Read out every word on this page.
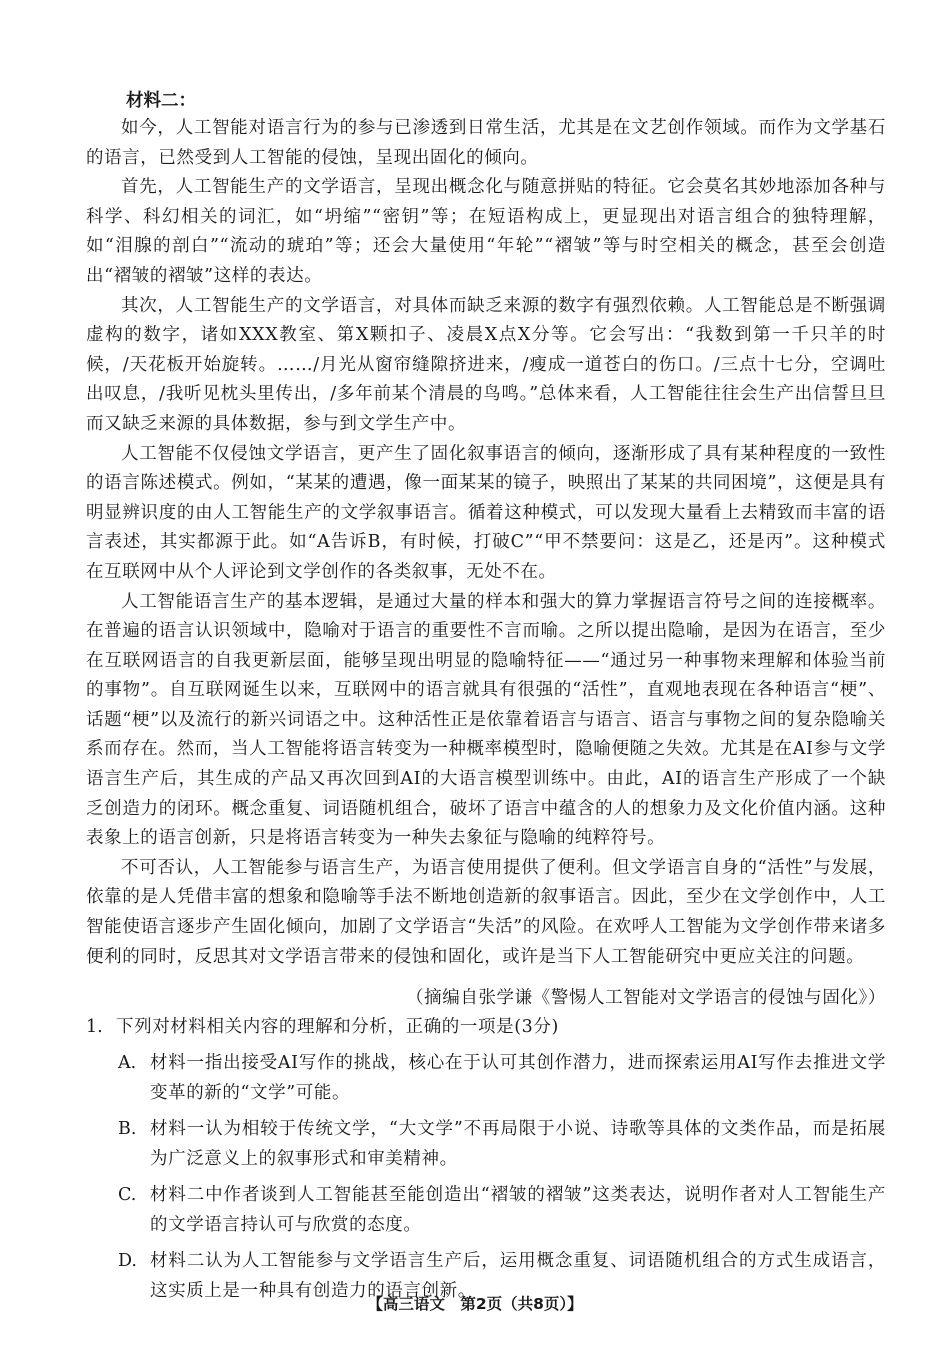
材料二：

如今，人工智能对语言行为的参与已渗透到日常生活，尤其是在文艺创作领域。而作为文学基石的语言，已然受到人工智能的侵蚀，呈现出固化的倾向。

首先，人工智能生产的文学语言，呈现出概念化与随意拼贴的特征。它会莫名其妙地添加各种与科学、科幻相关的词汇，如“坍缩”“密钥”等；在短语构成上，更显现出对语言组合的独特理解，如“泪腺的剖白”“流动的琥珀”等；还会大量使用“年轮”“褶皱”等与时空相关的概念，甚至会创造出“褶皱的褶皱”这样的表达。

其次，人工智能生产的文学语言，对具体而缺乏来源的数字有强烈依赖。人工智能总是不断强调虚构的数字，诸如XXX教室、第X颗扣子、凌晨X点X分等。它会写出：“我数到第一千只羊的时候，/天花板开始旋转。……/月光从窗帘缝隙挤进来，/瘦成一道苍白的伤口。/三点十七分，空调吐出叹息，/我听见枕头里传出，/多年前某个清晨的鸟鸣。”总体来看，人工智能往往会生产出信誓旦旦而又缺乏来源的具体数据，参与到文学生产中。

人工智能不仅侵蚀文学语言，更产生了固化叙事语言的倾向，逐渐形成了具有某种程度的一致性的语言陈述模式。例如，“某某的遭遇，像一面某某的镜子，映照出了某某的共同困境”，这便是具有明显辨识度的由人工智能生产的文学叙事语言。循着这种模式，可以发现大量看上去精致而丰富的语言表述，其实都源于此。如“A告诉B，有时候，打破C”“甲不禁要问：这是乙，还是丙”。这种模式在互联网中从个人评论到文学创作的各类叙事，无处不在。

人工智能语言生产的基本逻辑，是通过大量的样本和强大的算力掌握语言符号之间的连接概率。在普遍的语言认识领域中，隐喻对于语言的重要性不言而喻。之所以提出隐喻，是因为在语言，至少在互联网语言的自我更新层面，能够呈现出明显的隐喻特征——“通过另一种事物来理解和体验当前的事物”。自互联网诞生以来，互联网中的语言就具有很强的“活性”，直观地表现在各种语言“梗”、话题“梗”以及流行的新兴词语之中。这种活性正是依靠着语言与语言、语言与事物之间的复杂隐喻关系而存在。然而，当人工智能将语言转变为一种概率模型时，隐喻便随之失效。尤其是在AI参与文学语言生产后，其生成的产品又再次回到AI的大语言模型训练中。由此，AI的语言生产形成了一个缺乏创造力的闭环。概念重复、词语随机组合，破坏了语言中蕴含的人的想象力及文化价值内涵。这种表象上的语言创新，只是将语言转变为一种失去象征与隐喻的纯粹符号。

不可否认，人工智能参与语言生产，为语言使用提供了便利。但文学语言自身的“活性”与发展，依靠的是人凭借丰富的想象和隐喻等手法不断地创造新的叙事语言。因此，至少在文学创作中，人工智能使语言逐步产生固化倾向，加剧了文学语言“失活”的风险。在欢呼人工智能为文学创作带来诸多便利的同时，反思其对文学语言带来的侵蚀和固化，或许是当下人工智能研究中更应关注的问题。

（摘编自张学谦《警惕人工智能对文学语言的侵蚀与固化》）
1. 下列对材料相关内容的理解和分析，正确的一项是(3分)
A. 材料一指出接受AI写作的挑战，核心在于认可其创作潜力，进而探索运用AI写作去推进文学变革的新的“文学”可能。
B. 材料一认为相较于传统文学，“大文学”不再局限于小说、诗歌等具体的文类作品，而是拓展为广泛意义上的叙事形式和审美精神。
C. 材料二中作者谈到人工智能甚至能创造出“褶皱的褶皱”这类表达，说明作者对人工智能生产的文学语言持认可与欣赏的态度。
D. 材料二认为人工智能参与文学语言生产后，运用概念重复、词语随机组合的方式生成语言，这实质上是一种具有创造力的语言创新。
【高三语文　第2页（共8页）】
